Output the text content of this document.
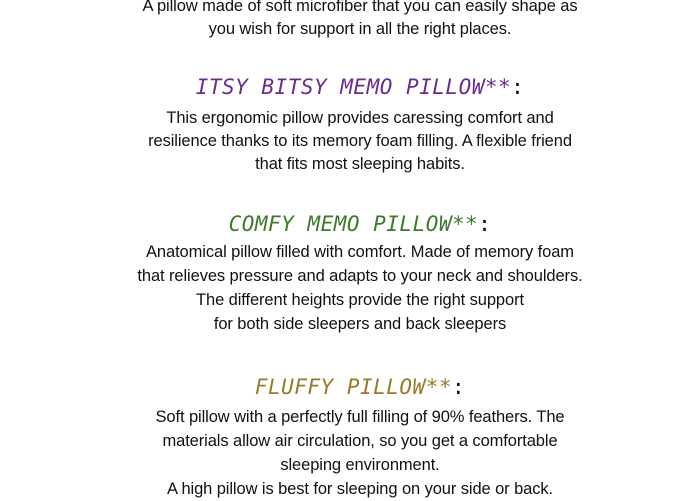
A pillow made of soft microfiber that you can easily shape as
you wish for support in all the right places.
ITSY BITSY MEMO PILLOW**:
This ergonomic pillow provides caressing comfort and
resilience thanks to its memory foam filling. A flexible friend
that fits most sleeping habits.
COMFY MEMO PILLOW**:
Anatomical pillow filled with comfort. Made of memory foam
that relieves pressure and adapts to your neck and shoulders.
The different heights provide the right support
for both side sleepers and back sleepers
FLUFFY PILLOW**:
Soft pillow with a perfectly full filling of 90% feathers. The
materials allow air circulation, so you get a comfortable
sleeping environment.
A high pillow is best for sleeping on your side or back.
